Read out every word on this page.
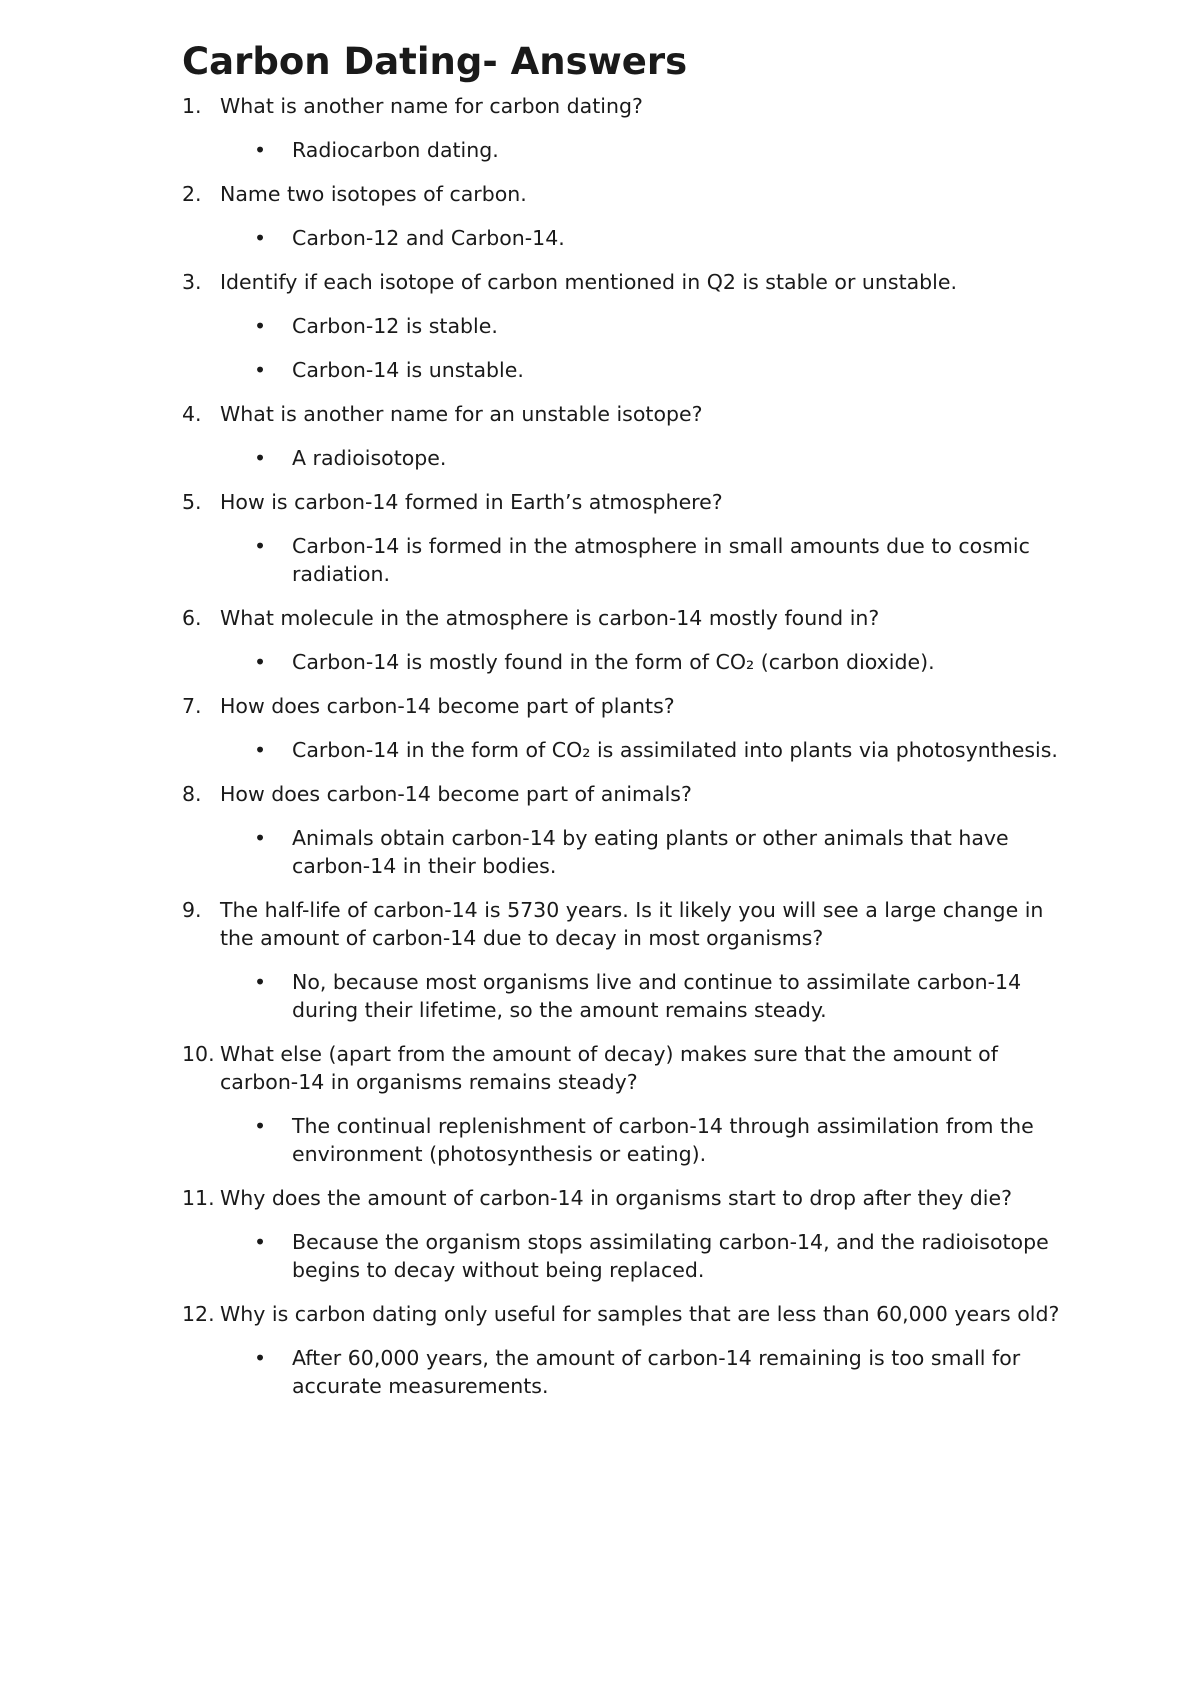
Carbon Dating- Answers
1. What is another name for carbon dating?
• Radiocarbon dating.
2. Name two isotopes of carbon.
• Carbon-12 and Carbon-14.
3. Identify if each isotope of carbon mentioned in Q2 is stable or unstable.
• Carbon-12 is stable.
• Carbon-14 is unstable.
4. What is another name for an unstable isotope?
• A radioisotope.
5. How is carbon-14 formed in Earth’s atmosphere?
• Carbon-14 is formed in the atmosphere in small amounts due to cosmic radiation.
6. What molecule in the atmosphere is carbon-14 mostly found in?
• Carbon-14 is mostly found in the form of CO₂ (carbon dioxide).
7. How does carbon-14 become part of plants?
• Carbon-14 in the form of CO₂ is assimilated into plants via photosynthesis.
8. How does carbon-14 become part of animals?
• Animals obtain carbon-14 by eating plants or other animals that have carbon-14 in their bodies.
9. The half-life of carbon-14 is 5730 years. Is it likely you will see a large change in the amount of carbon-14 due to decay in most organisms?
• No, because most organisms live and continue to assimilate carbon-14 during their lifetime, so the amount remains steady.
10. What else (apart from the amount of decay) makes sure that the amount of carbon-14 in organisms remains steady?
• The continual replenishment of carbon-14 through assimilation from the environment (photosynthesis or eating).
11. Why does the amount of carbon-14 in organisms start to drop after they die?
• Because the organism stops assimilating carbon-14, and the radioisotope begins to decay without being replaced.
12. Why is carbon dating only useful for samples that are less than 60,000 years old?
• After 60,000 years, the amount of carbon-14 remaining is too small for accurate measurements.
